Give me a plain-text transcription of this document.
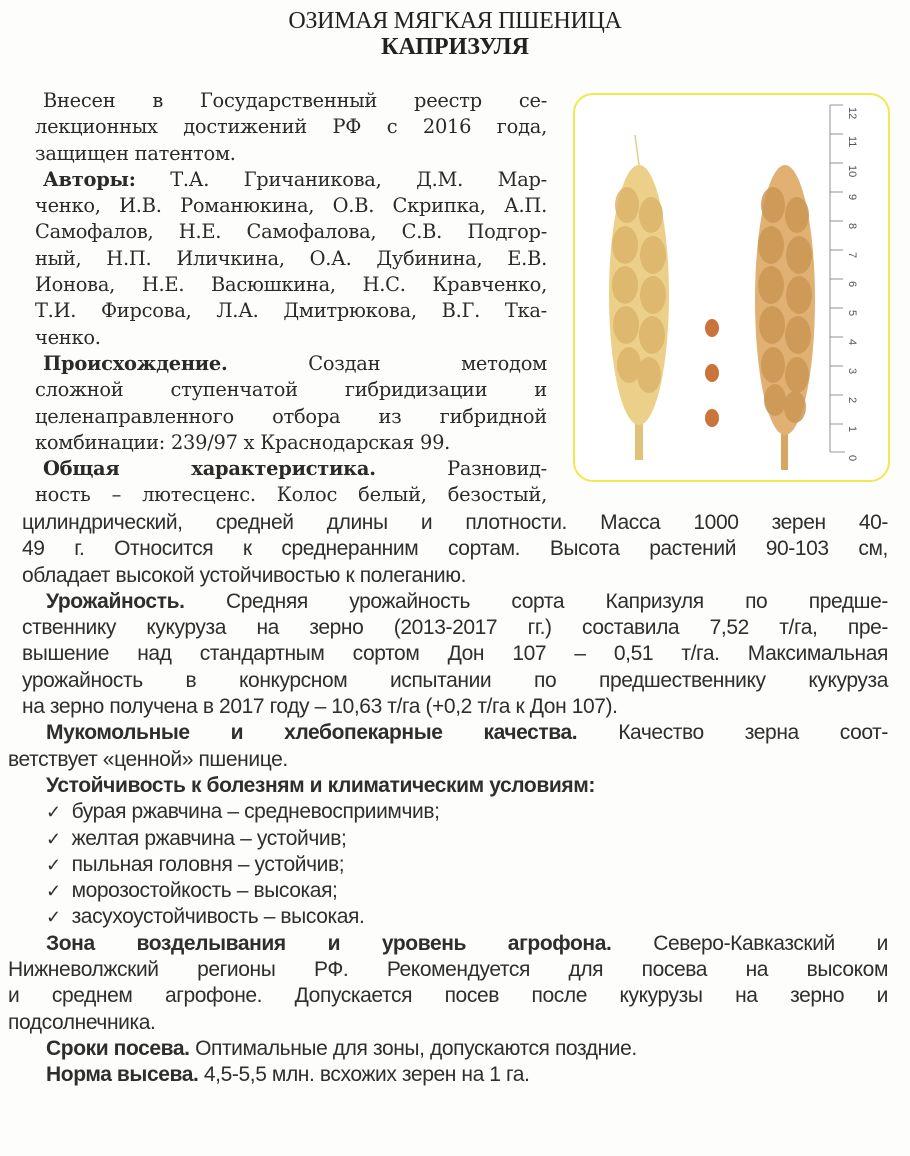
ОЗИМАЯ МЯГКАЯ ПШЕНИЦА
КАПРИЗУЛЯ
Внесен в Государственный реестр се-
лекционных достижений РФ с 2016 года,
защищен патентом.
Авторы: Т.А. Гричаникова, Д.М. Мар-
ченко, И.В. Романюкина, О.В. Скрипка, А.П.
Самофалов, Н.Е. Самофалова, С.В. Подгор-
ный, Н.П. Иличкина, О.А. Дубинина, Е.В.
Ионова, Н.Е. Васюшкина, Н.С. Кравченко,
Т.И. Фирсова, Л.А. Дмитрюкова, В.Г. Тка-
ченко.
Происхождение.	Создан методом
сложной ступенчатой гибридизации и
целенаправленного отбора из гибридной
комбинации: 239/97 х Краснодарская 99.
Общая характеристика.	Разновид-
ность – лютесценс. Колос белый, безостый,
0
1
2
3
4
5
6
7
8
9
10
11
12
цилиндрический, средней длины и плотности. Масса 1000 зерен 40-
49 г. Относится к среднеранним сортам. Высота растений 90-103 см,
обладает высокой устойчивостью к полеганию.
Урожайность. Средняя урожайность сорта Капризуля по предше-
ственнику кукуруза на зерно (2013-2017 гг.) составила 7,52 т/га, пре-
вышение над стандартным сортом Дон 107 – 0,51 т/га. Максимальная
урожайность в конкурсном испытании по предшественнику кукуруза
на зерно получена в 2017 году – 10,63 т/га (+0,2 т/га к Дон 107).
Мукомольные и хлебопекарные качества. Качество зерна соот-
ветствует «ценной» пшенице.
Устойчивость к болезням и климатическим условиям:
✓ бурая ржавчина – средневосприимчив;
✓ желтая ржавчина – устойчив;
✓ пыльная головня – устойчив;
✓ морозостойкость – высокая;
✓ засухоустойчивость – высокая.
Зона возделывания и уровень агрофона. Северо-Кавказский и
Нижневолжский регионы РФ. Рекомендуется для посева на высоком
и среднем агрофоне. Допускается посев после кукурузы на зерно и
подсолнечника.
Сроки посева. Оптимальные для зоны, допускаются поздние.
Норма высева. 4,5-5,5 млн. всхожих зерен на 1 га.
